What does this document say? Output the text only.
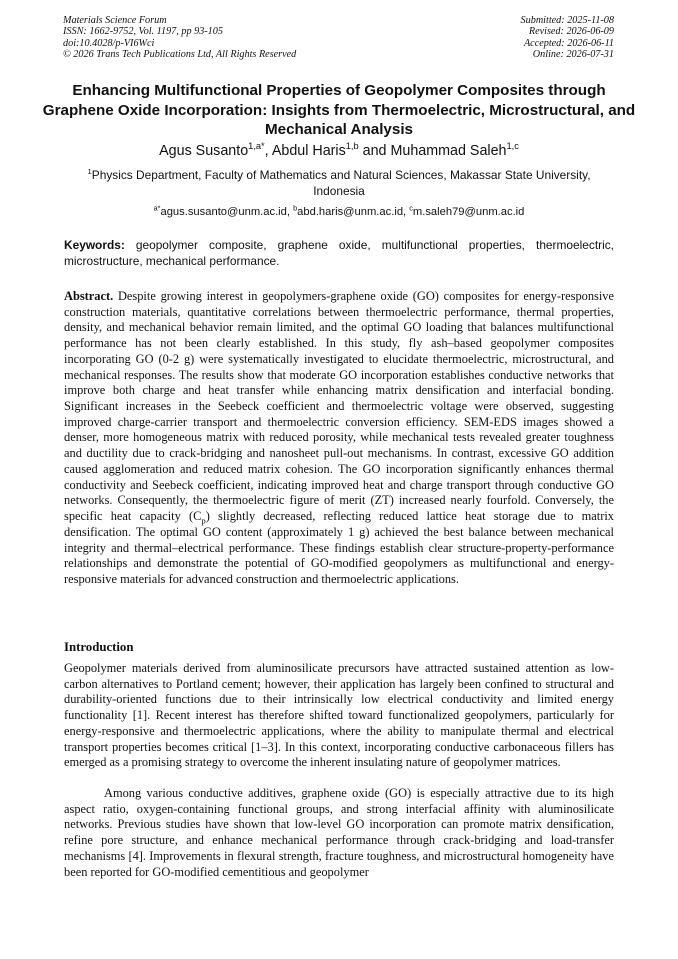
Materials Science Forum
ISSN: 1662-9752, Vol. 1197, pp 93-105
doi:10.4028/p-VI6Wci
© 2026 Trans Tech Publications Ltd, All Rights Reserved
Submitted: 2025-11-08
Revised: 2026-06-09
Accepted: 2026-06-11
Online: 2026-07-31
Enhancing Multifunctional Properties of Geopolymer Composites through Graphene Oxide Incorporation: Insights from Thermoelectric, Microstructural, and Mechanical Analysis
Agus Susanto$^{1,a*}$, Abdul Haris$^{1,b}$ and Muhammad Saleh$^{1,c}$
$^1$Physics Department, Faculty of Mathematics and Natural Sciences, Makassar State University, Indonesia
$^{a*}$agus.susanto@unm.ac.id, $^b$abd.haris@unm.ac.id, $^c$m.saleh79@unm.ac.id

Keywords: geopolymer composite, graphene oxide, multifunctional properties, thermoelectric, microstructure, mechanical performance.

Abstract. Despite growing interest in geopolymers-graphene oxide (GO) composites for energy-responsive construction materials, quantitative correlations between thermoelectric performance, thermal properties, density, and mechanical behavior remain limited, and the optimal GO loading that balances multifunctional performance has not been clearly established. In this study, fly ash–based geopolymer composites incorporating GO (0-2 g) were systematically investigated to elucidate thermoelectric, microstructural, and mechanical responses. The results show that moderate GO incorporation establishes conductive networks that improve both charge and heat transfer while enhancing matrix densification and interfacial bonding. Significant increases in the Seebeck coefficient and thermoelectric voltage were observed, suggesting improved charge-carrier transport and thermoelectric conversion efficiency. SEM-EDS images showed a denser, more homogeneous matrix with reduced porosity, while mechanical tests revealed greater toughness and ductility due to crack-bridging and nanosheet pull-out mechanisms. In contrast, excessive GO addition caused agglomeration and reduced matrix cohesion. The GO incorporation significantly enhances thermal conductivity and Seebeck coefficient, indicating improved heat and charge transport through conductive GO networks. Consequently, the thermoelectric figure of merit (ZT) increased nearly fourfold. Conversely, the specific heat capacity $(C_p)$ slightly decreased, reflecting reduced lattice heat storage due to matrix densification. The optimal GO content (approximately 1 g) achieved the best balance between mechanical integrity and thermal–electrical performance. These findings establish clear structure-property-performance relationships and demonstrate the potential of GO-modified geopolymers as multifunctional and energy-responsive materials for advanced construction and thermoelectric applications.

Introduction

Geopolymer materials derived from aluminosilicate precursors have attracted sustained attention as low-carbon alternatives to Portland cement; however, their application has largely been confined to structural and durability-oriented functions due to their intrinsically low electrical conductivity and limited energy functionality [1]. Recent interest has therefore shifted toward functionalized geopolymers, particularly for energy-responsive and thermoelectric applications, where the ability to manipulate thermal and electrical transport properties becomes critical [1–3]. In this context, incorporating conductive carbonaceous fillers has emerged as a promising strategy to overcome the inherent insulating nature of geopolymer matrices.

Among various conductive additives, graphene oxide (GO) is especially attractive due to its high aspect ratio, oxygen-containing functional groups, and strong interfacial affinity with aluminosilicate networks. Previous studies have shown that low-level GO incorporation can promote matrix densification, refine pore structure, and enhance mechanical performance through crack-bridging and load-transfer mechanisms [4]. Improvements in flexural strength, fracture toughness, and microstructural homogeneity have been reported for GO-modified cementitious and geopolymer
